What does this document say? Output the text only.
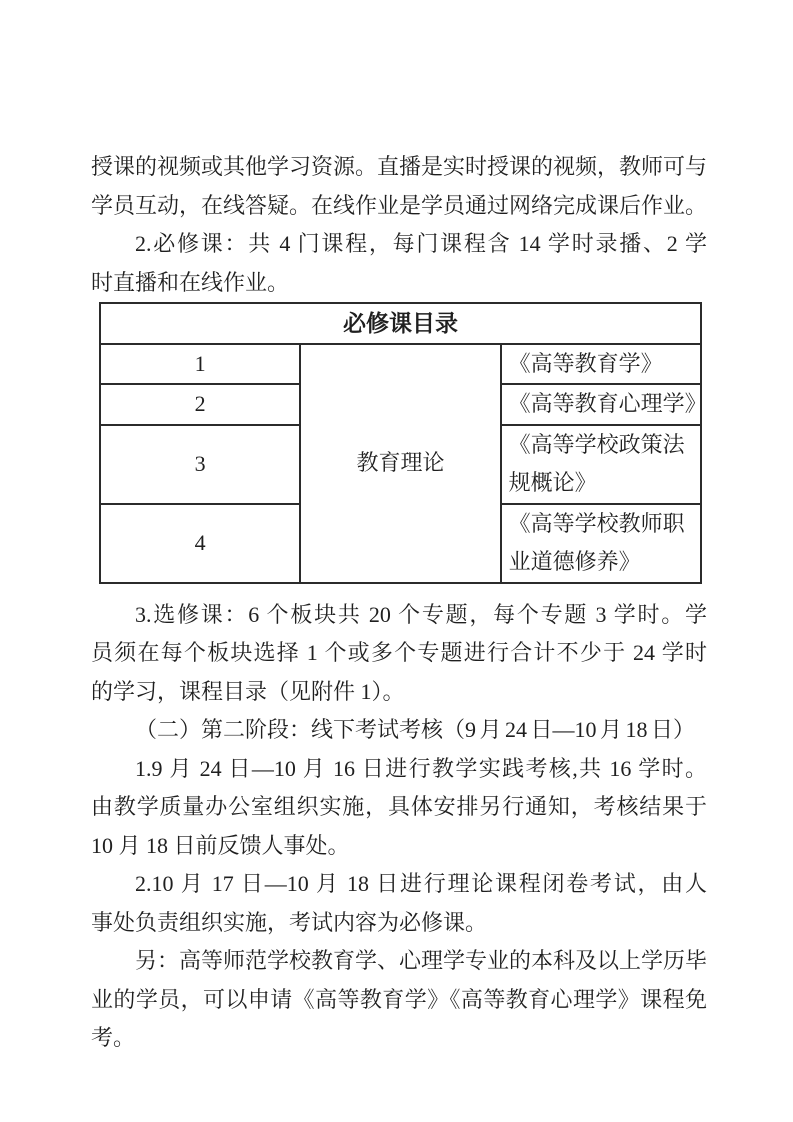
授课的视频或其他学习资源。直播是实时授课的视频，教师可与
学员互动，在线答疑。在线作业是学员通过网络完成课后作业。
2.必修课：共 4 门课程，每门课程含 14 学时录播、2 学
时直播和在线作业。
必修课目录		
1	教育理论	《高等教育学》
2		《高等教育心理学》
3		《高等学校政策法规概论》
4		《高等学校教师职业道德修养》
3.选修课：6 个板块共 20 个专题，每个专题 3 学时。学
员须在每个板块选择 1 个或多个专题进行合计不少于 24 学时
的学习，课程目录（见附件 1）。
（二）第二阶段：线下考试考核（9 月 24 日—10 月 18 日）
1.9 月 24 日—10 月 16 日进行教学实践考核,共 16 学时。
由教学质量办公室组织实施，具体安排另行通知，考核结果于
10 月 18 日前反馈人事处。
2.10 月 17 日—10 月 18 日进行理论课程闭卷考试，由人
事处负责组织实施，考试内容为必修课。
另：高等师范学校教育学、心理学专业的本科及以上学历毕
业的学员，可以申请《高等教育学》《高等教育心理学》课程免
考。
